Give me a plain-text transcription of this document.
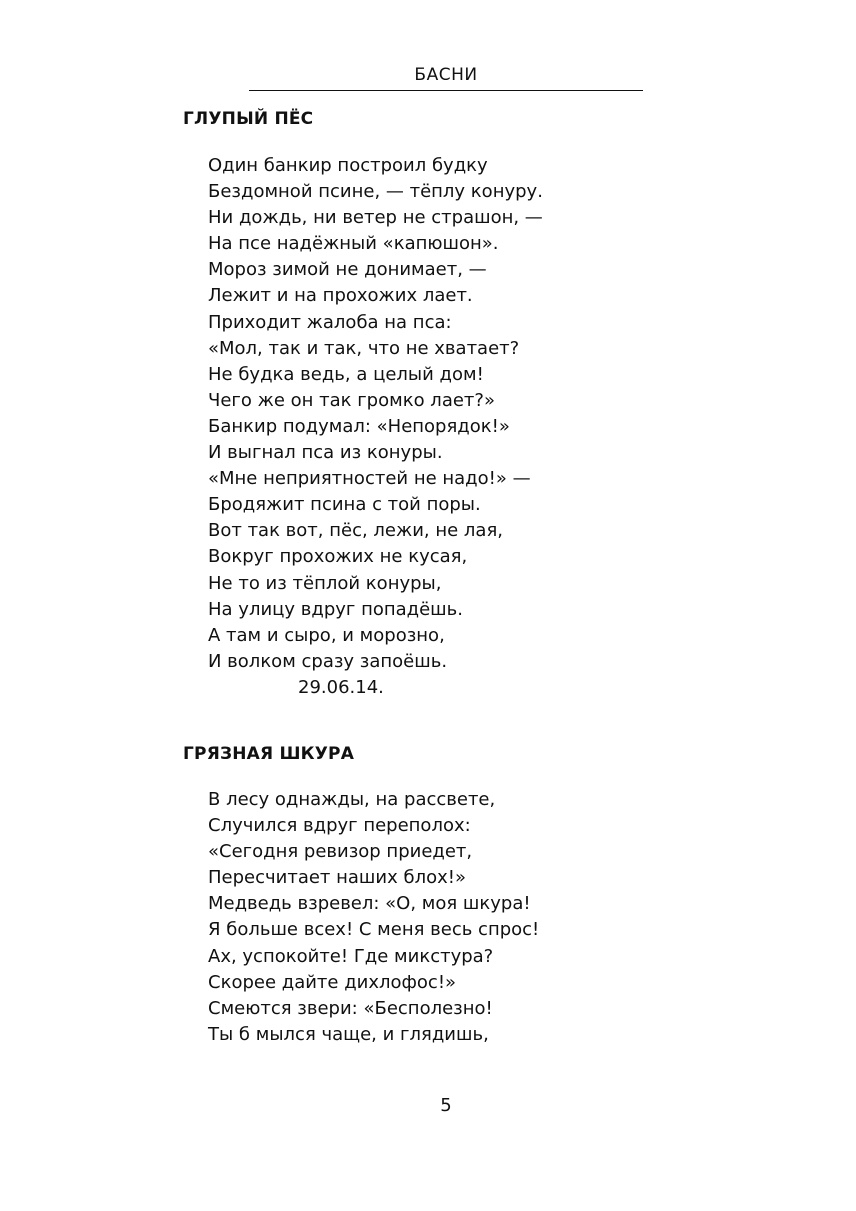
БАСНИ
ГЛУПЫЙ ПЁС
Один банкир построил будку
Бездомной псине, — тёплу конуру.
Ни дождь, ни ветер не страшон, —
На псе надёжный «капюшон».
Мороз зимой не донимает, —
Лежит и на прохожих лает.
Приходит жалоба на пса:
«Мол, так и так, что не хватает?
Не будка ведь, а целый дом!
Чего же он так громко лает?»
Банкир подумал: «Непорядок!»
И выгнал пса из конуры.
«Мне неприятностей не надо!» —
Бродяжит псина с той поры.
Вот так вот, пёс, лежи, не лая,
Вокруг прохожих не кусая,
Не то из тёплой конуры,
На улицу вдруг попадёшь.
А там и сыро, и морозно,
И волком сразу запоёшь.
29.06.14.
ГРЯЗНАЯ ШКУРА
В лесу однажды, на рассвете,
Случился вдруг переполох:
«Сегодня ревизор приедет,
Пересчитает наших блох!»
Медведь взревел: «О, моя шкура!
Я больше всех! С меня весь спрос!
Ах, успокойте! Где микстура?
Скорее дайте дихлофос!»
Смеются звери: «Бесполезно!
Ты б мылся чаще, и глядишь,
5
